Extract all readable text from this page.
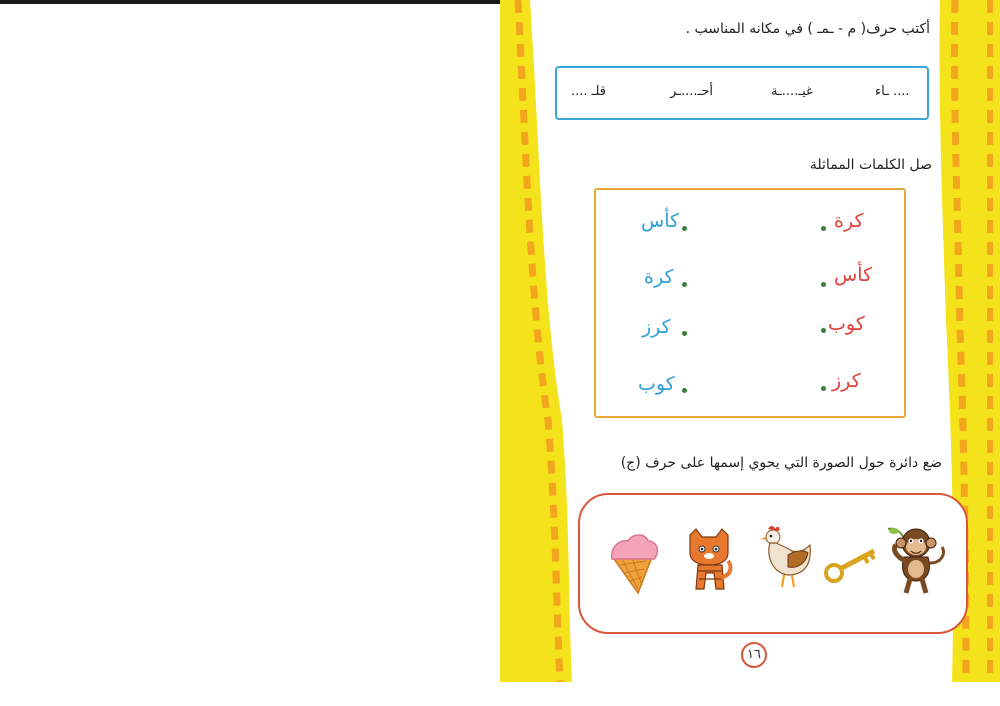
أكتب حرف( م - ـمـ ) في مكانه المناسب .
قلـ ....	أحـ....ـر	غيـ....ـة	.... ـاء
صل الكلمات المماثلة
كأس
كرة
كرز
كوب
كرة
كأس
كوب
كرز
ضع دائرة حول الصورة التي يحوي إسمها على حرف (ج)
١٦
